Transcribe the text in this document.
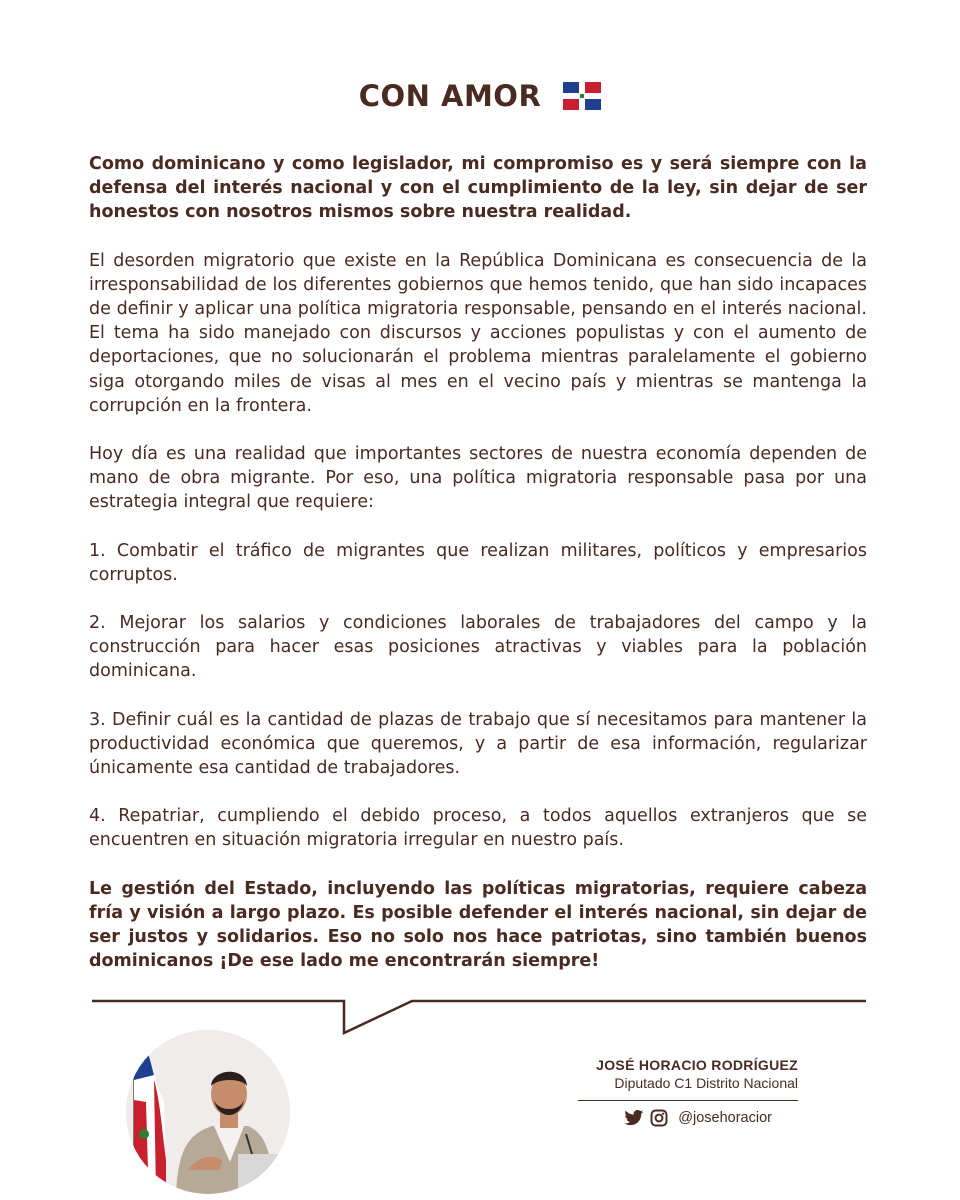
CON AMOR

Como dominicano y como legislador, mi compromiso es y será siempre con la defensa del interés nacional y con el cumplimiento de la ley, sin dejar de ser honestos con nosotros mismos sobre nuestra realidad.

El desorden migratorio que existe en la República Dominicana es consecuencia de la irresponsabilidad de los diferentes gobiernos que hemos tenido, que han sido incapaces de definir y aplicar una política migratoria responsable, pensando en el interés nacional. El tema ha sido manejado con discursos y acciones populistas y con el aumento de deportaciones, que no solucionarán el problema mientras paralelamente el gobierno siga otorgando miles de visas al mes en el vecino país y mientras se mantenga la corrupción en la frontera.

Hoy día es una realidad que importantes sectores de nuestra economía dependen de mano de obra migrante. Por eso, una política migratoria responsable pasa por una estrategia integral que requiere:

1. Combatir el tráfico de migrantes que realizan militares, políticos y empresarios corruptos.

2. Mejorar los salarios y condiciones laborales de trabajadores del campo y la construcción para hacer esas posiciones atractivas y viables para la población dominicana.

3. Definir cuál es la cantidad de plazas de trabajo que sí necesitamos para mantener la productividad económica que queremos, y a partir de esa información, regularizar únicamente esa cantidad de trabajadores.

4. Repatriar, cumpliendo el debido proceso, a todos aquellos extranjeros que se encuentren en situación migratoria irregular en nuestro país.

Le gestión del Estado, incluyendo las políticas migratorias, requiere cabeza fría y visión a largo plazo. Es posible defender el interés nacional, sin dejar de ser justos y solidarios. Eso no solo nos hace patriotas, sino también buenos dominicanos ¡De ese lado me encontrarán siempre!

JOSÉ HORACIO RODRÍGUEZ
Diputado C1 Distrito Nacional
@josehoracior
